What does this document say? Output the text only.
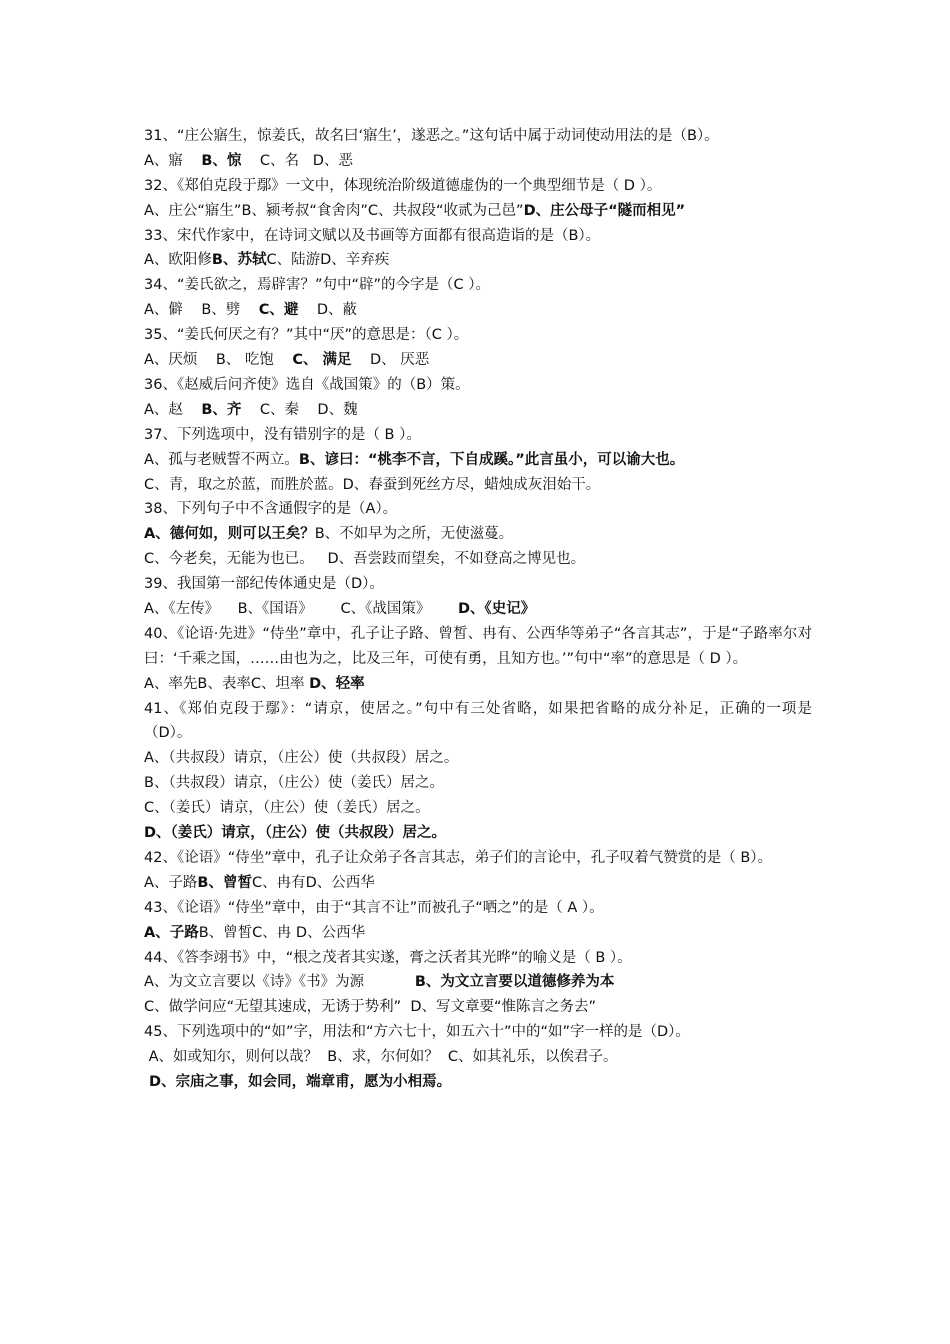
31、“庄公寤生，惊姜氏，故名曰‘寤生’，遂恶之。”这句话中属于动词使动用法的是（B）。
A、寤    B、惊    C、名   D、恶
32、《郑伯克段于鄢》一文中，体现统治阶级道德虚伪的一个典型细节是（ D ）。
A、庄公“寤生”B、颍考叔“食舍肉”C、共叔段“收贰为己邑”D、庄公母子“隧而相见”
33、宋代作家中，在诗词文赋以及书画等方面都有很高造诣的是（B）。
A、欧阳修B、苏轼C、陆游D、辛弃疾
34、“姜氏欲之，焉辟害？”句中“辟”的今字是（C ）。
A、僻    B、劈    C、避    D、蔽
35、“姜氏何厌之有？”其中“厌”的意思是：（C ）。
A、厌烦    B、 吃饱    C、 满足    D、 厌恶
36、《赵威后问齐使》选自《战国策》的（B）策。
A、赵    B、齐    C、秦    D、魏
37、下列选项中，没有错别字的是（ B ）。
A、孤与老贼誓不两立。B、谚曰：“桃李不言，下自成蹊。”此言虽小，可以谕大也。
C、青，取之於蓝，而胜於蓝。D、春蚕到死丝方尽，蜡烛成灰泪始干。
38、下列句子中不含通假字的是（A）。
A、德何如，则可以王矣？B、不如早为之所，无使滋蔓。
C、今老矣，无能为也已。   D、吾尝跂而望矣，不如登高之博见也。
39、我国第一部纪传体通史是（D）。
A、《左传》    B、《国语》      C、《战国策》      D、《史记》
40、《论语·先进》“侍坐”章中，孔子让子路、曾皙、冉有、公西华等弟子“各言其志”，于是“子路率尔对曰：‘千乘之国，……由也为之，比及三年，可使有勇，且知方也。’”句中“率”的意思是（ D ）。
A、率先B、表率C、坦率 D、轻率
41、《郑伯克段于鄢》：“请京，使居之。”句中有三处省略，如果把省略的成分补足，正确的一项是（D）。
A、（共叔段）请京，（庄公）使（共叔段）居之。
B、（共叔段）请京，（庄公）使（姜氏）居之。
C、（姜氏）请京，（庄公）使（姜氏）居之。
D、（姜氏）请京，（庄公）使（共叔段）居之。
42、《论语》“侍坐”章中，孔子让众弟子各言其志，弟子们的言论中，孔子叹着气赞赏的是（ B）。
A、子路B、曾皙C、冉有D、公西华
43、《论语》“侍坐”章中，由于“其言不让”而被孔子“哂之”的是（ A ）。
A、子路B、曾皙C、冉 D、公西华
44、《答李翊书》中，“根之茂者其实遂，膏之沃者其光晔”的喻义是（ B ）。
A、为文立言要以《诗》《书》为源           B、为文立言要以道德修养为本
C、做学问应“无望其速成，无诱于势利”  D、写文章要“惟陈言之务去”
45、下列选项中的“如”字，用法和“方六七十，如五六十”中的“如”字一样的是（D）。
A、如或知尔，则何以哉？  B、求，尔何如？  C、如其礼乐，以俟君子。
D、宗庙之事，如会同，端章甫，愿为小相焉。
